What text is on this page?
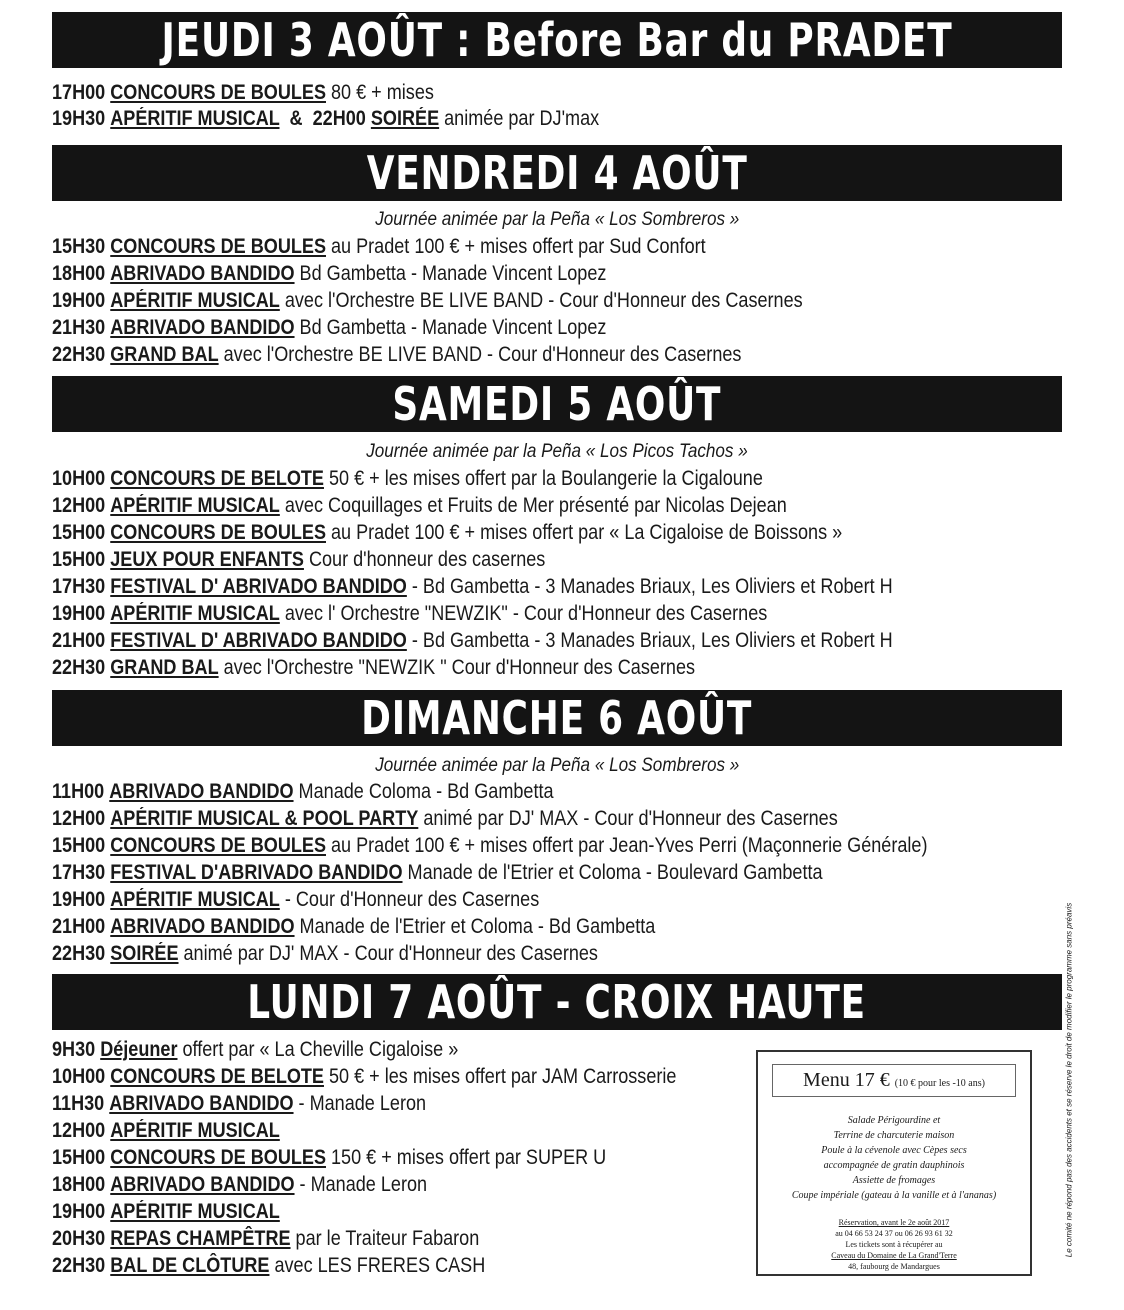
JEUDI 3 AOÛT : Before Bar du PRADET
17H00 CONCOURS DE BOULES 80 € + mises
19H30 APÉRITIF MUSICAL  &  22H00 SOIRÉE animée par DJ'max
VENDREDI 4 AOÛT
Journée animée par la Peña « Los Sombreros »
15H30 CONCOURS DE BOULES au Pradet 100 € + mises offert par Sud Confort
18H00 ABRIVADO BANDIDO Bd Gambetta - Manade Vincent Lopez
19H00 APÉRITIF MUSICAL avec l'Orchestre BE LIVE BAND - Cour d'Honneur des Casernes
21H30 ABRIVADO BANDIDO Bd Gambetta - Manade Vincent Lopez
22H30 GRAND BAL avec l'Orchestre BE LIVE BAND - Cour d'Honneur des Casernes
SAMEDI 5 AOÛT
Journée animée par la Peña « Los Picos Tachos »
10H00 CONCOURS DE BELOTE 50 € + les mises offert par la Boulangerie la Cigaloune
12H00 APÉRITIF MUSICAL avec Coquillages et Fruits de Mer présenté par Nicolas Dejean
15H00 CONCOURS DE BOULES au Pradet 100 € + mises offert par « La Cigaloise de Boissons »
15H00 JEUX POUR ENFANTS Cour d'honneur des casernes
17H30 FESTIVAL D' ABRIVADO BANDIDO - Bd Gambetta - 3 Manades Briaux, Les Oliviers et Robert H
19H00 APÉRITIF MUSICAL avec l' Orchestre "NEWZIK" - Cour d'Honneur des Casernes
21H00 FESTIVAL D' ABRIVADO BANDIDO - Bd Gambetta - 3 Manades Briaux, Les Oliviers et Robert H
22H30 GRAND BAL avec l'Orchestre "NEWZIK " Cour d'Honneur des Casernes
DIMANCHE 6 AOÛT
Journée animée par la Peña « Los Sombreros »
11H00 ABRIVADO BANDIDO Manade Coloma - Bd Gambetta
12H00 APÉRITIF MUSICAL & POOL PARTY animé par DJ' MAX - Cour d'Honneur des Casernes
15H00 CONCOURS DE BOULES au Pradet 100 € + mises offert par Jean-Yves Perri (Maçonnerie Générale)
17H30 FESTIVAL D'ABRIVADO BANDIDO Manade de l'Etrier et Coloma - Boulevard Gambetta
19H00 APÉRITIF MUSICAL - Cour d'Honneur des Casernes
21H00 ABRIVADO BANDIDO Manade de l'Etrier et Coloma - Bd Gambetta
22H30 SOIRÉE animé par DJ' MAX - Cour d'Honneur des Casernes
LUNDI 7 AOÛT - CROIX HAUTE
9H30 Déjeuner offert par « La Cheville Cigaloise »
10H00 CONCOURS DE BELOTE 50 € + les mises offert par JAM Carrosserie
11H30 ABRIVADO BANDIDO - Manade Leron
12H00 APÉRITIF MUSICAL
15H00 CONCOURS DE BOULES 150 € + mises offert par SUPER U
18H00 ABRIVADO BANDIDO - Manade Leron
19H00 APÉRITIF MUSICAL
20H30 REPAS CHAMPÊTRE par le Traiteur Fabaron
22H30 BAL DE CLÔTURE avec LES FRERES CASH
Menu 17 € (10 € pour les -10 ans)
Salade Périgourdine et
Terrine de charcuterie maison
Poule à la cévenole avec Cèpes secs
accompagnée de gratin dauphinois
Assiette de fromages
Coupe impériale (gateau à la vanille et à l'ananas)
Réservation, avant le 2e août 2017
au 04 66 53 24 37 ou 06 26 93 61 32
Les tickets sont à récupérer au
Caveau du Domaine de La Grand'Terre
48, faubourg de Mandargues
Le comité ne répond pas des accidents et se réserve le droit de modifier le programme sans préavis
